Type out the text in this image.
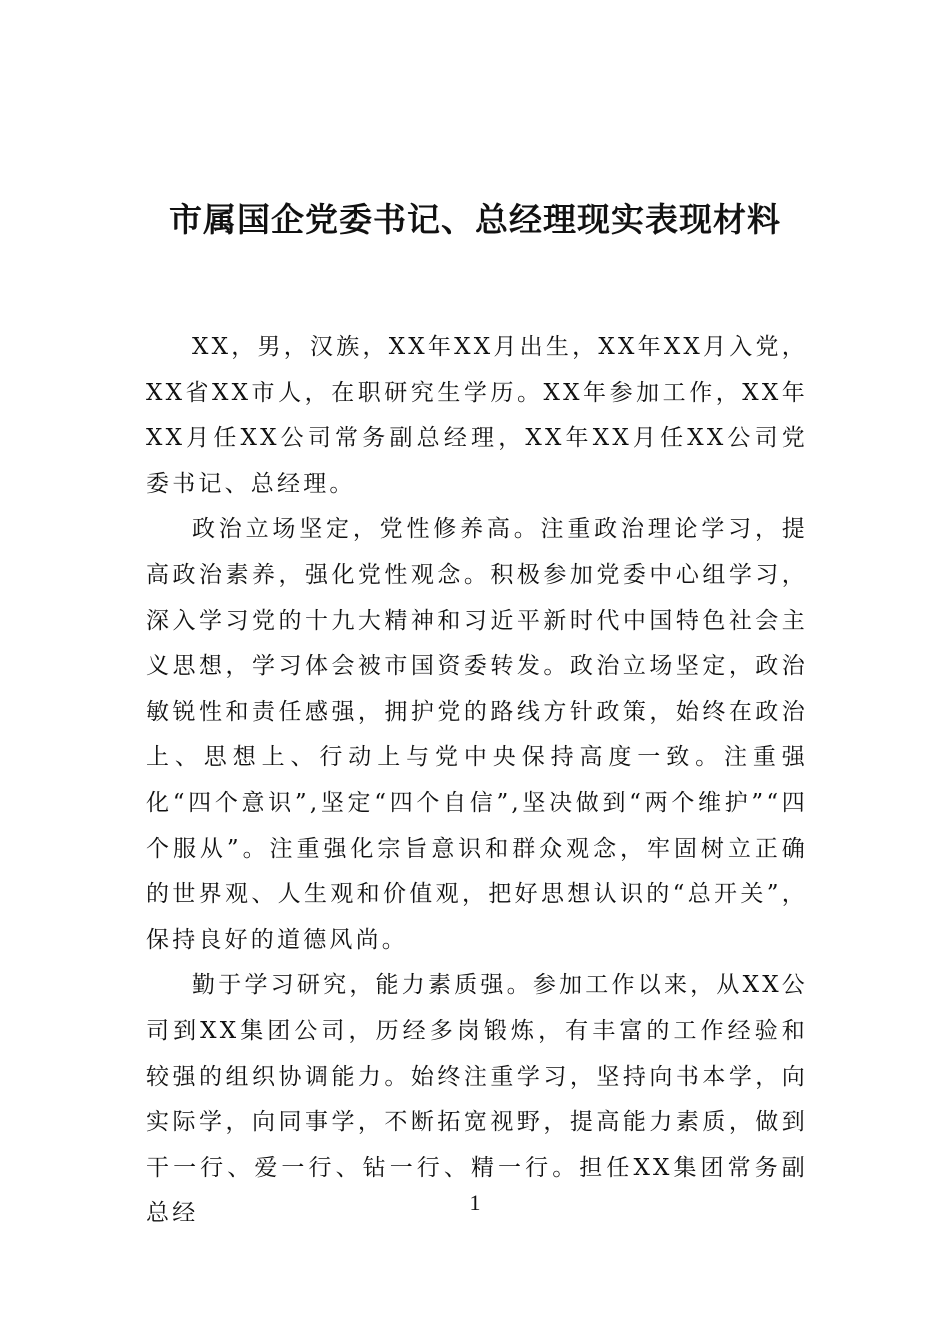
市属国企党委书记、总经理现实表现材料

XX，男，汉族，XX年XX月出生，XX年XX月入党，XX省XX市人，在职研究生学历。XX年参加工作，XX年XX月任XX公司常务副总经理，XX年XX月任XX公司党委书记、总经理。

政治立场坚定，党性修养高。注重政治理论学习，提高政治素养，强化党性观念。积极参加党委中心组学习，深入学习党的十九大精神和习近平新时代中国特色社会主义思想，学习体会被市国资委转发。政治立场坚定，政治敏锐性和责任感强，拥护党的路线方针政策，始终在政治上、思想上、行动上与党中央保持高度一致。注重强化“四个意识”,坚定“四个自信”,坚决做到“两个维护”“四个服从”。注重强化宗旨意识和群众观念，牢固树立正确的世界观、人生观和价值观，把好思想认识的“总开关”，保持良好的道德风尚。

勤于学习研究，能力素质强。参加工作以来，从XX公司到XX集团公司，历经多岗锻炼，有丰富的工作经验和较强的组织协调能力。始终注重学习，坚持向书本学，向实际学，向同事学，不断拓宽视野，提高能力素质，做到干一行、爱一行、钻一行、精一行。担任XX集团常务副总经	1
